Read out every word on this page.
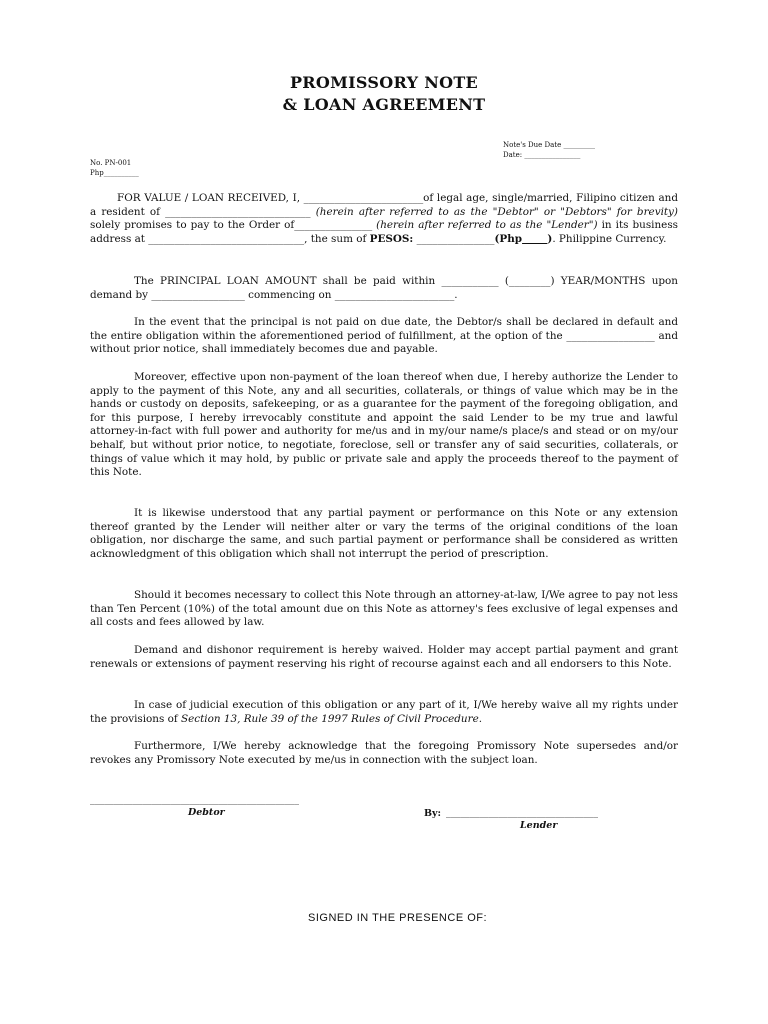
PROMISSORY NOTE
& LOAN AGREEMENT
Note's Due Date _________
Date: ________________
No. PN-001
Php__________
FOR VALUE / LOAN RECEIVED, I, _______________________of legal age, single/married, Filipino citizen and a resident of ____________________________ (herein after referred to as the "Debtor" or "Debtors" for brevity) solely promises to pay to the Order of_______________ (herein after referred to as the "Lender") in its business address at ______________________________, the sum of PESOS: _______________(Php ). Philippine Currency.
The PRINCIPAL LOAN AMOUNT shall be paid within ___________ (________) YEAR/MONTHS upon demand by __________________ commencing on _______________________.
In the event that the principal is not paid on due date, the Debtor/s shall be declared in default and the entire obligation within the aforementioned period of fulfillment, at the option of the _________________ and without prior notice, shall immediately becomes due and payable.
Moreover, effective upon non-payment of the loan thereof when due, I hereby authorize the Lender to apply to the payment of this Note, any and all securities, collaterals, or things of value which may be in the hands or custody on deposits, safekeeping, or as a guarantee for the payment of the foregoing obligation, and for this purpose, I hereby irrevocably constitute and appoint the said Lender to be my true and lawful attorney-in-fact with full power and authority for me/us and in my/our name/s place/s and stead or on my/our behalf, but without prior notice, to negotiate, foreclose, sell or transfer any of said securities, collaterals, or things of value which it may hold, by public or private sale and apply the proceeds thereof to the payment of this Note.
It is likewise understood that any partial payment or performance on this Note or any extension thereof granted by the Lender will neither alter or vary the terms of the original conditions of the loan obligation, nor discharge the same, and such partial payment or performance shall be considered as written acknowledgment of this obligation which shall not interrupt the period of prescription.
Should it becomes necessary to collect this Note through an attorney-at-law, I/We agree to pay not less than Ten Percent (10%) of the total amount due on this Note as attorney's fees exclusive of legal expenses and all costs and fees allowed by law.
Demand and dishonor requirement is hereby waived. Holder may accept partial payment and grant renewals or extensions of payment reserving his right of recourse against each and all endorsers to this Note.
In case of judicial execution of this obligation or any part of it, I/We hereby waive all my rights under the provisions of Section 13, Rule 39 of the 1997 Rules of Civil Procedure.
Furthermore, I/We hereby acknowledge that the foregoing Promissory Note supersedes and/or revokes any Promissory Note executed by me/us in connection with the subject loan.
____________________________________________
Debtor	By: ________________________________
Lender
SIGNED IN THE PRESENCE OF:
